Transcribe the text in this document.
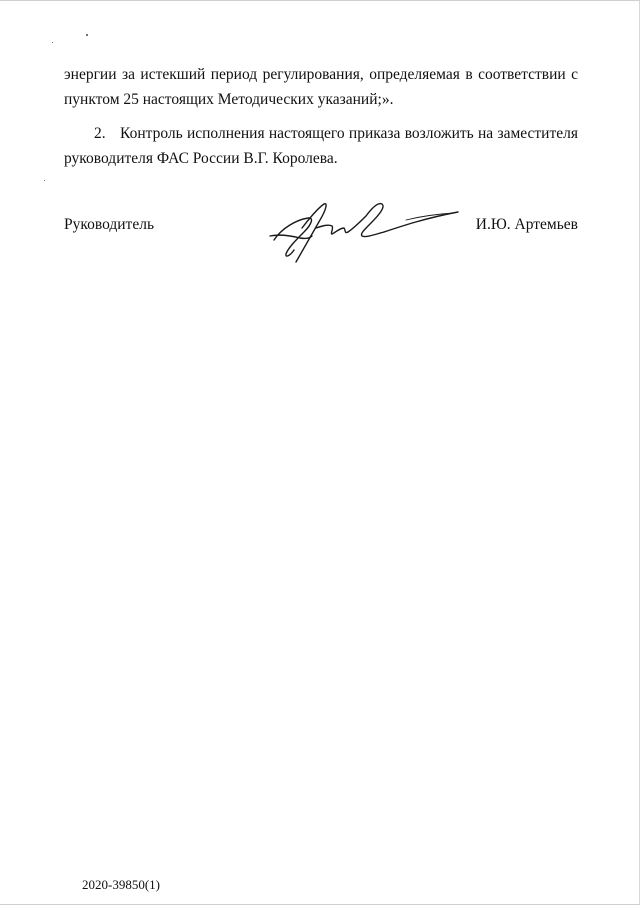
энергии за истекший период регулирования, определяемая в соответствии с пунктом 25 настоящих Методических указаний;».

2. Контроль исполнения настоящего приказа возложить на заместителя руководителя ФАС России В.Г. Королева.

Руководитель	И.Ю. Артемьев
2020-39850(1)
